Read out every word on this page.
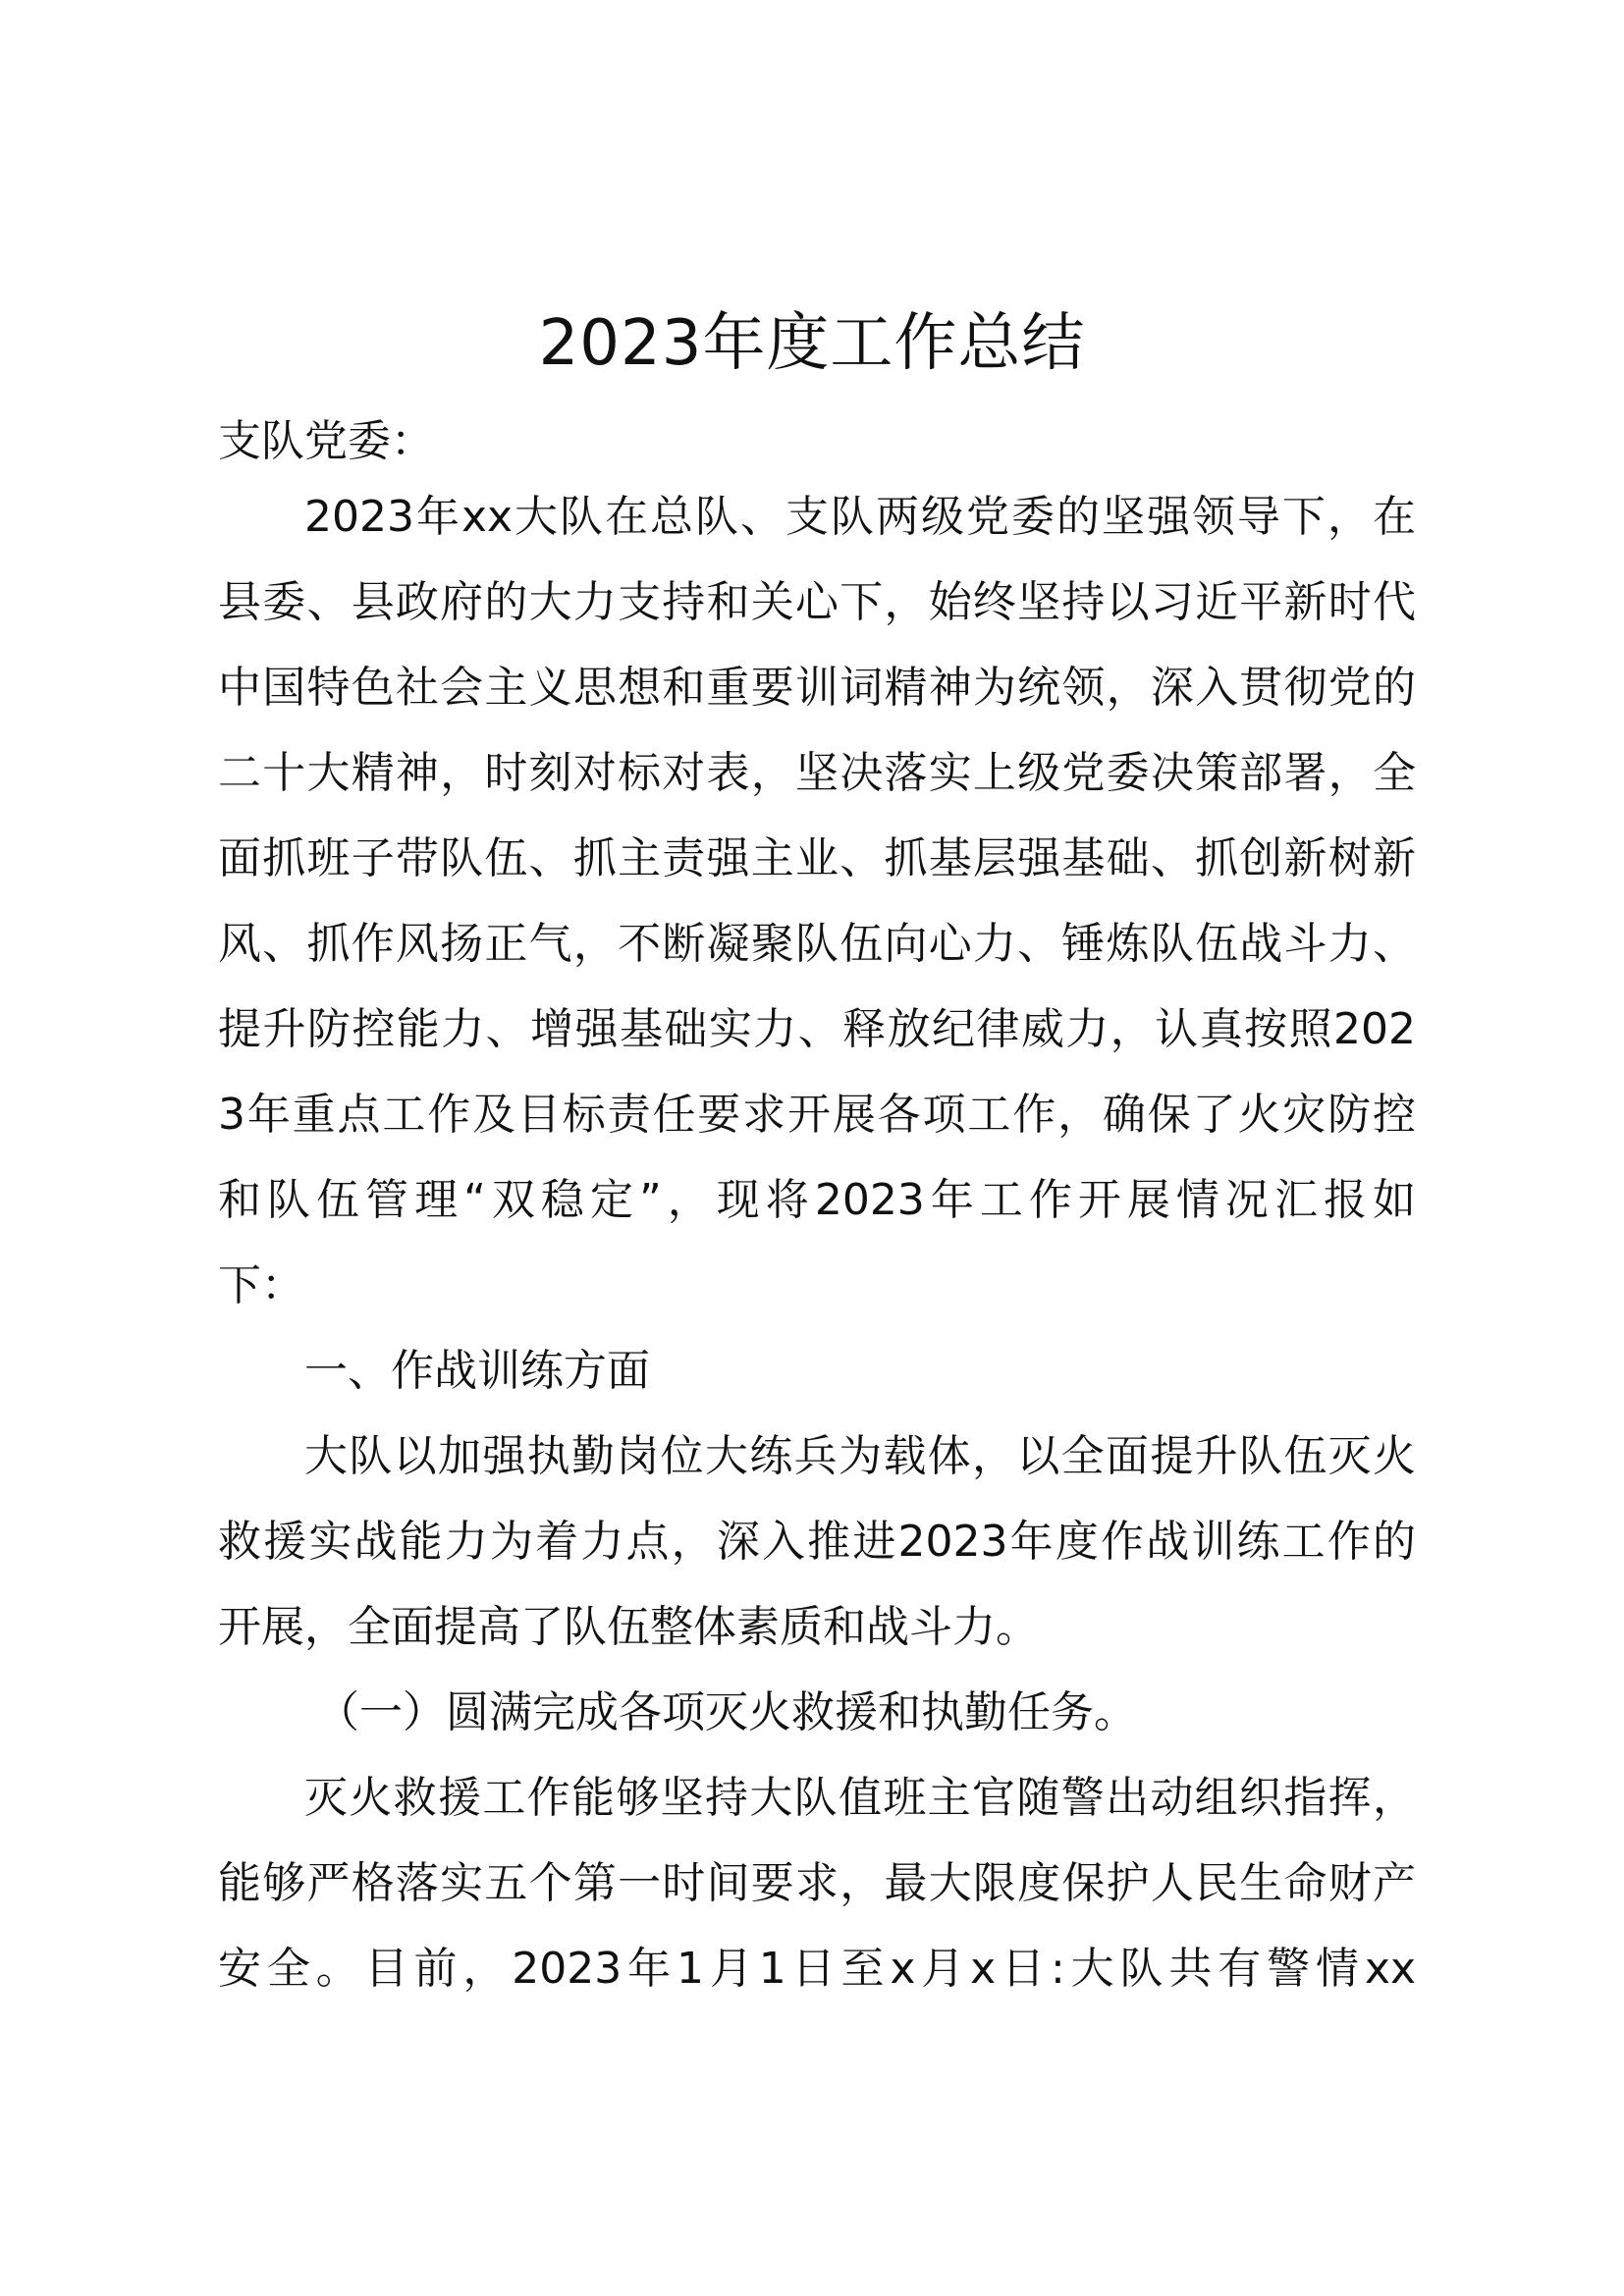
2023年度工作总结

支队党委：

2023年xx大队在总队、支队两级党委的坚强领导下，在

县委、县政府的大力支持和关心下，始终坚持以习近平新时代

中国特色社会主义思想和重要训词精神为统领，深入贯彻党的

二十大精神，时刻对标对表，坚决落实上级党委决策部署，全

面抓班子带队伍、抓主责强主业、抓基层强基础、抓创新树新

风、抓作风扬正气，不断凝聚队伍向心力、锤炼队伍战斗力、

提升防控能力、增强基础实力、释放纪律威力，认真按照202

3年重点工作及目标责任要求开展各项工作，确保了火灾防控

和队伍管理“双稳定”，现将2023年工作开展情况汇报如

下：

一、作战训练方面

大队以加强执勤岗位大练兵为载体，以全面提升队伍灭火

救援实战能力为着力点，深入推进2023年度作战训练工作的

开展，全面提高了队伍整体素质和战斗力。

（一）圆满完成各项灭火救援和执勤任务。

灭火救援工作能够坚持大队值班主官随警出动组织指挥，

能够严格落实五个第一时间要求，最大限度保护人民生命财产

安全。目前，2023年1月1日至x月x日:大队共有警情xx
